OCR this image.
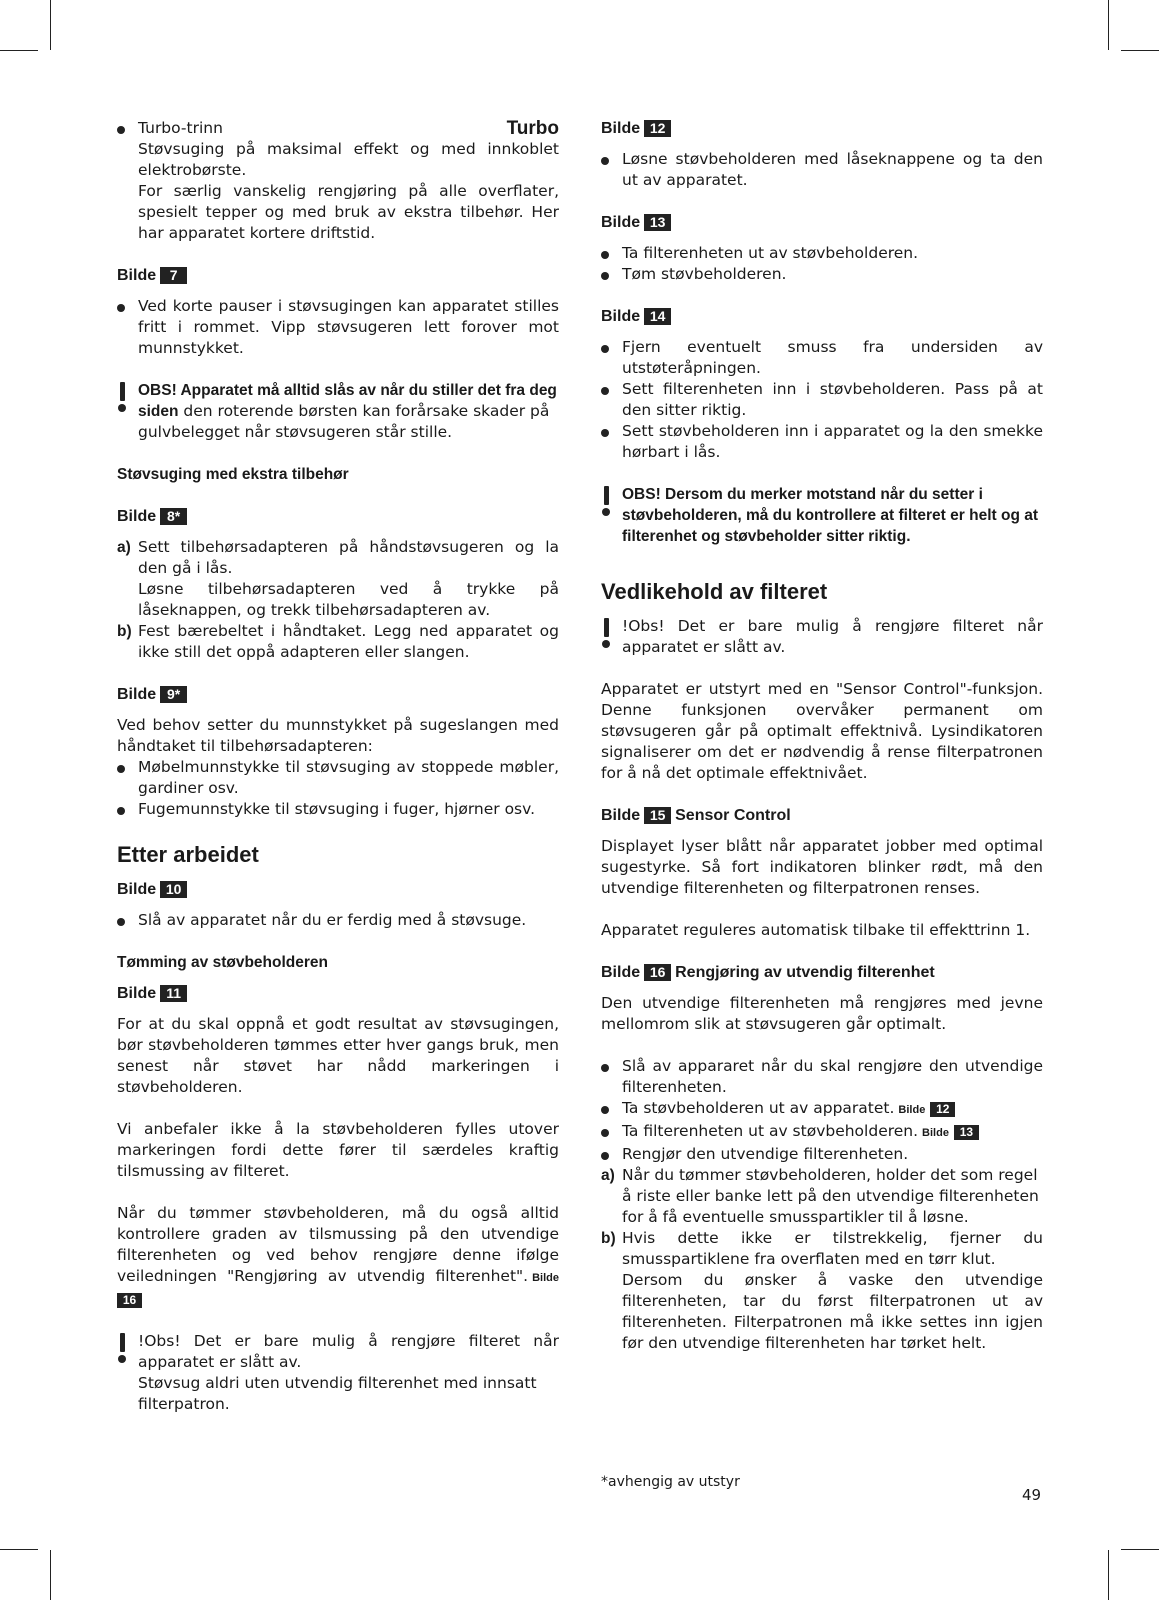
Turbo-trinn	Turbo

Støvsuging på maksimal effekt og med innkoblet elektrobørste.

For særlig vanskelig rengjøring på alle overflater, spesielt tepper og med bruk av ekstra tilbehør. Her har apparatet kortere driftstid.

Bilde 7
Ved korte pauser i støvsugingen kan apparatet stilles fritt i rommet. Vipp støvsugeren lett forover mot munnstykket.

OBS! Apparatet må alltid slås av når du stiller det fra deg siden den roterende børsten kan forårsake skader på gulvbelegget når støvsugeren står stille.

Støvsuging med ekstra tilbehør

Bilde 8*
a) Sett tilbehørsadapteren på håndstøvsugeren og la den gå i lås.

Løsne tilbehørsadapteren ved å trykke på låseknappen, og trekk tilbehørsadapteren av.

b) Fest bærebeltet i håndtaket. Legg ned apparatet og ikke still det oppå adapteren eller slangen.

Bilde 9*

Ved behov setter du munnstykket på sugeslangen med håndtaket til tilbehørsadapteren:

Møbelmunnstykke til støvsuging av stoppede møbler, gardiner osv.
Fugemunnstykke til støvsuging i fuger, hjørner osv.
Etter arbeidet
Bilde 10
Slå av apparatet når du er ferdig med å støvsuge.

Tømming av støvbeholderen

Bilde 11

For at du skal oppnå et godt resultat av støvsugingen, bør støvbeholderen tømmes etter hver gangs bruk, men senest når støvet har nådd markeringen i støvbeholderen.

Vi anbefaler ikke å la støvbeholderen fylles utover markeringen fordi dette fører til særdeles kraftig tilsmussing av filteret.

Når du tømmer støvbeholderen, må du også alltid kontrollere graden av tilsmussing på den utvendige filterenheten og ved behov rengjøre denne ifølge veiledningen "Rengjøring av utvendig filterenhet". Bilde 16

!Obs! Det er bare mulig å rengjøre filteret når apparatet er slått av.

Støvsug aldri uten utvendig filterenhet med innsatt filterpatron.

Bilde 12
Løsne støvbeholderen med låseknappene og ta den ut av apparatet.
Bilde 13
Ta filterenheten ut av støvbeholderen.
Tøm støvbeholderen.
Bilde 14
Fjern eventuelt smuss fra undersiden av utstøteråpningen.
Sett filterenheten inn i støvbeholderen. Pass på at den sitter riktig.
Sett støvbeholderen inn i apparatet og la den smekke hørbart i lås.

OBS! Dersom du merker motstand når du setter i støvbeholderen, må du kontrollere at filteret er helt og at filterenhet og støvbeholder sitter riktig.

Vedlikehold av filteret

!Obs! Det er bare mulig å rengjøre filteret når apparatet er slått av.

Apparatet er utstyrt med en "Sensor Control"-funksjon. Denne funksjonen overvåker permanent om støvsugeren går på optimalt effektnivå. Lysindikatoren signaliserer om det er nødvendig å rense filterpatronen for å nå det optimale effektnivået.

Bilde 15 Sensor Control

Displayet lyser blått når apparatet jobber med optimal sugestyrke. Så fort indikatoren blinker rødt, må den utvendige filterenheten og filterpatronen renses.

Apparatet reguleres automatisk tilbake til effekttrinn 1.

Bilde 16 Rengjøring av utvendig filterenhet

Den utvendige filterenheten må rengjøres med jevne mellomrom slik at støvsugeren går optimalt.

Slå av appararet når du skal rengjøre den utvendige filterenheten.
Ta støvbeholderen ut av apparatet. Bilde 12
Ta filterenheten ut av støvbeholderen. Bilde 13
Rengjør den utvendige filterenheten.
a) Når du tømmer støvbeholderen, holder det som regel å riste eller banke lett på den utvendige filterenheten for å få eventuelle smusspartikler til å løsne.

b) Hvis dette ikke er tilstrekkelig, fjerner du smusspartiklene fra overflaten med en tørr klut.

Dersom du ønsker å vaske den utvendige filterenheten, tar du først filterpatronen ut av filterenheten. Filterpatronen må ikke settes inn igjen før den utvendige filterenheten har tørket helt.

*avhengig av utstyr
49
